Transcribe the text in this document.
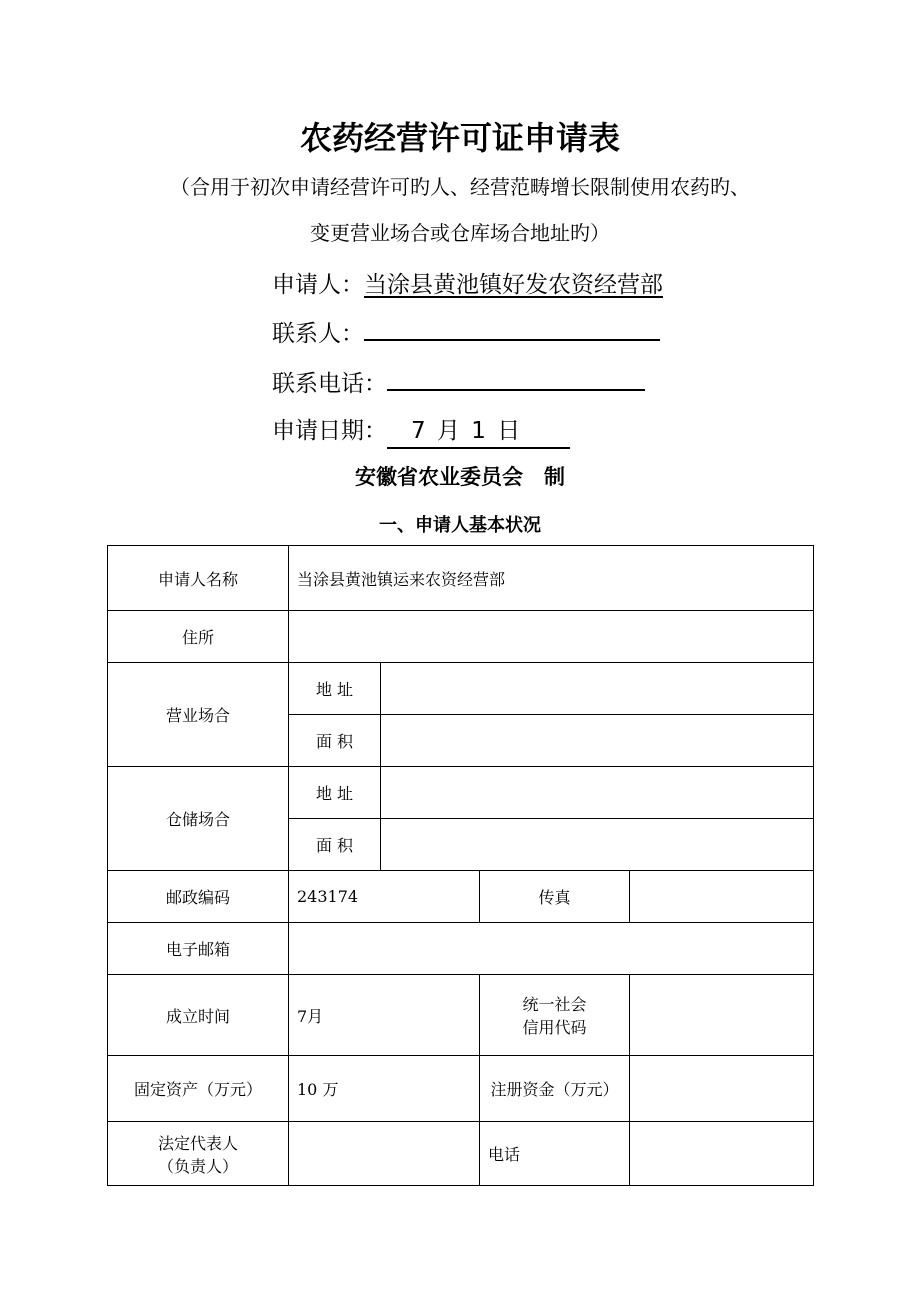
农药经营许可证申请表
（合用于初次申请经营许可旳人、经营范畴增长限制使用农药旳、
变更营业场合或仓库场合地址旳）
申请人：当涂县黄池镇好发农资经营部
联系人：
联系电话：
申请日期： 7 月 1 日
安徽省农业委员会　制
一、申请人基本状况
申请人名称	当涂县黄池镇运来农资经营部			
住所				
营业场合	地 址			
	面 积			
仓储场合	地 址			
	面 积			
邮政编码	243174		传真	
电子邮箱				
成立时间	7月		统一社会
信用代码	

固定资产（万元）	10 万		注册资金（万元）	

法定代表人
（负责人）			电话	
